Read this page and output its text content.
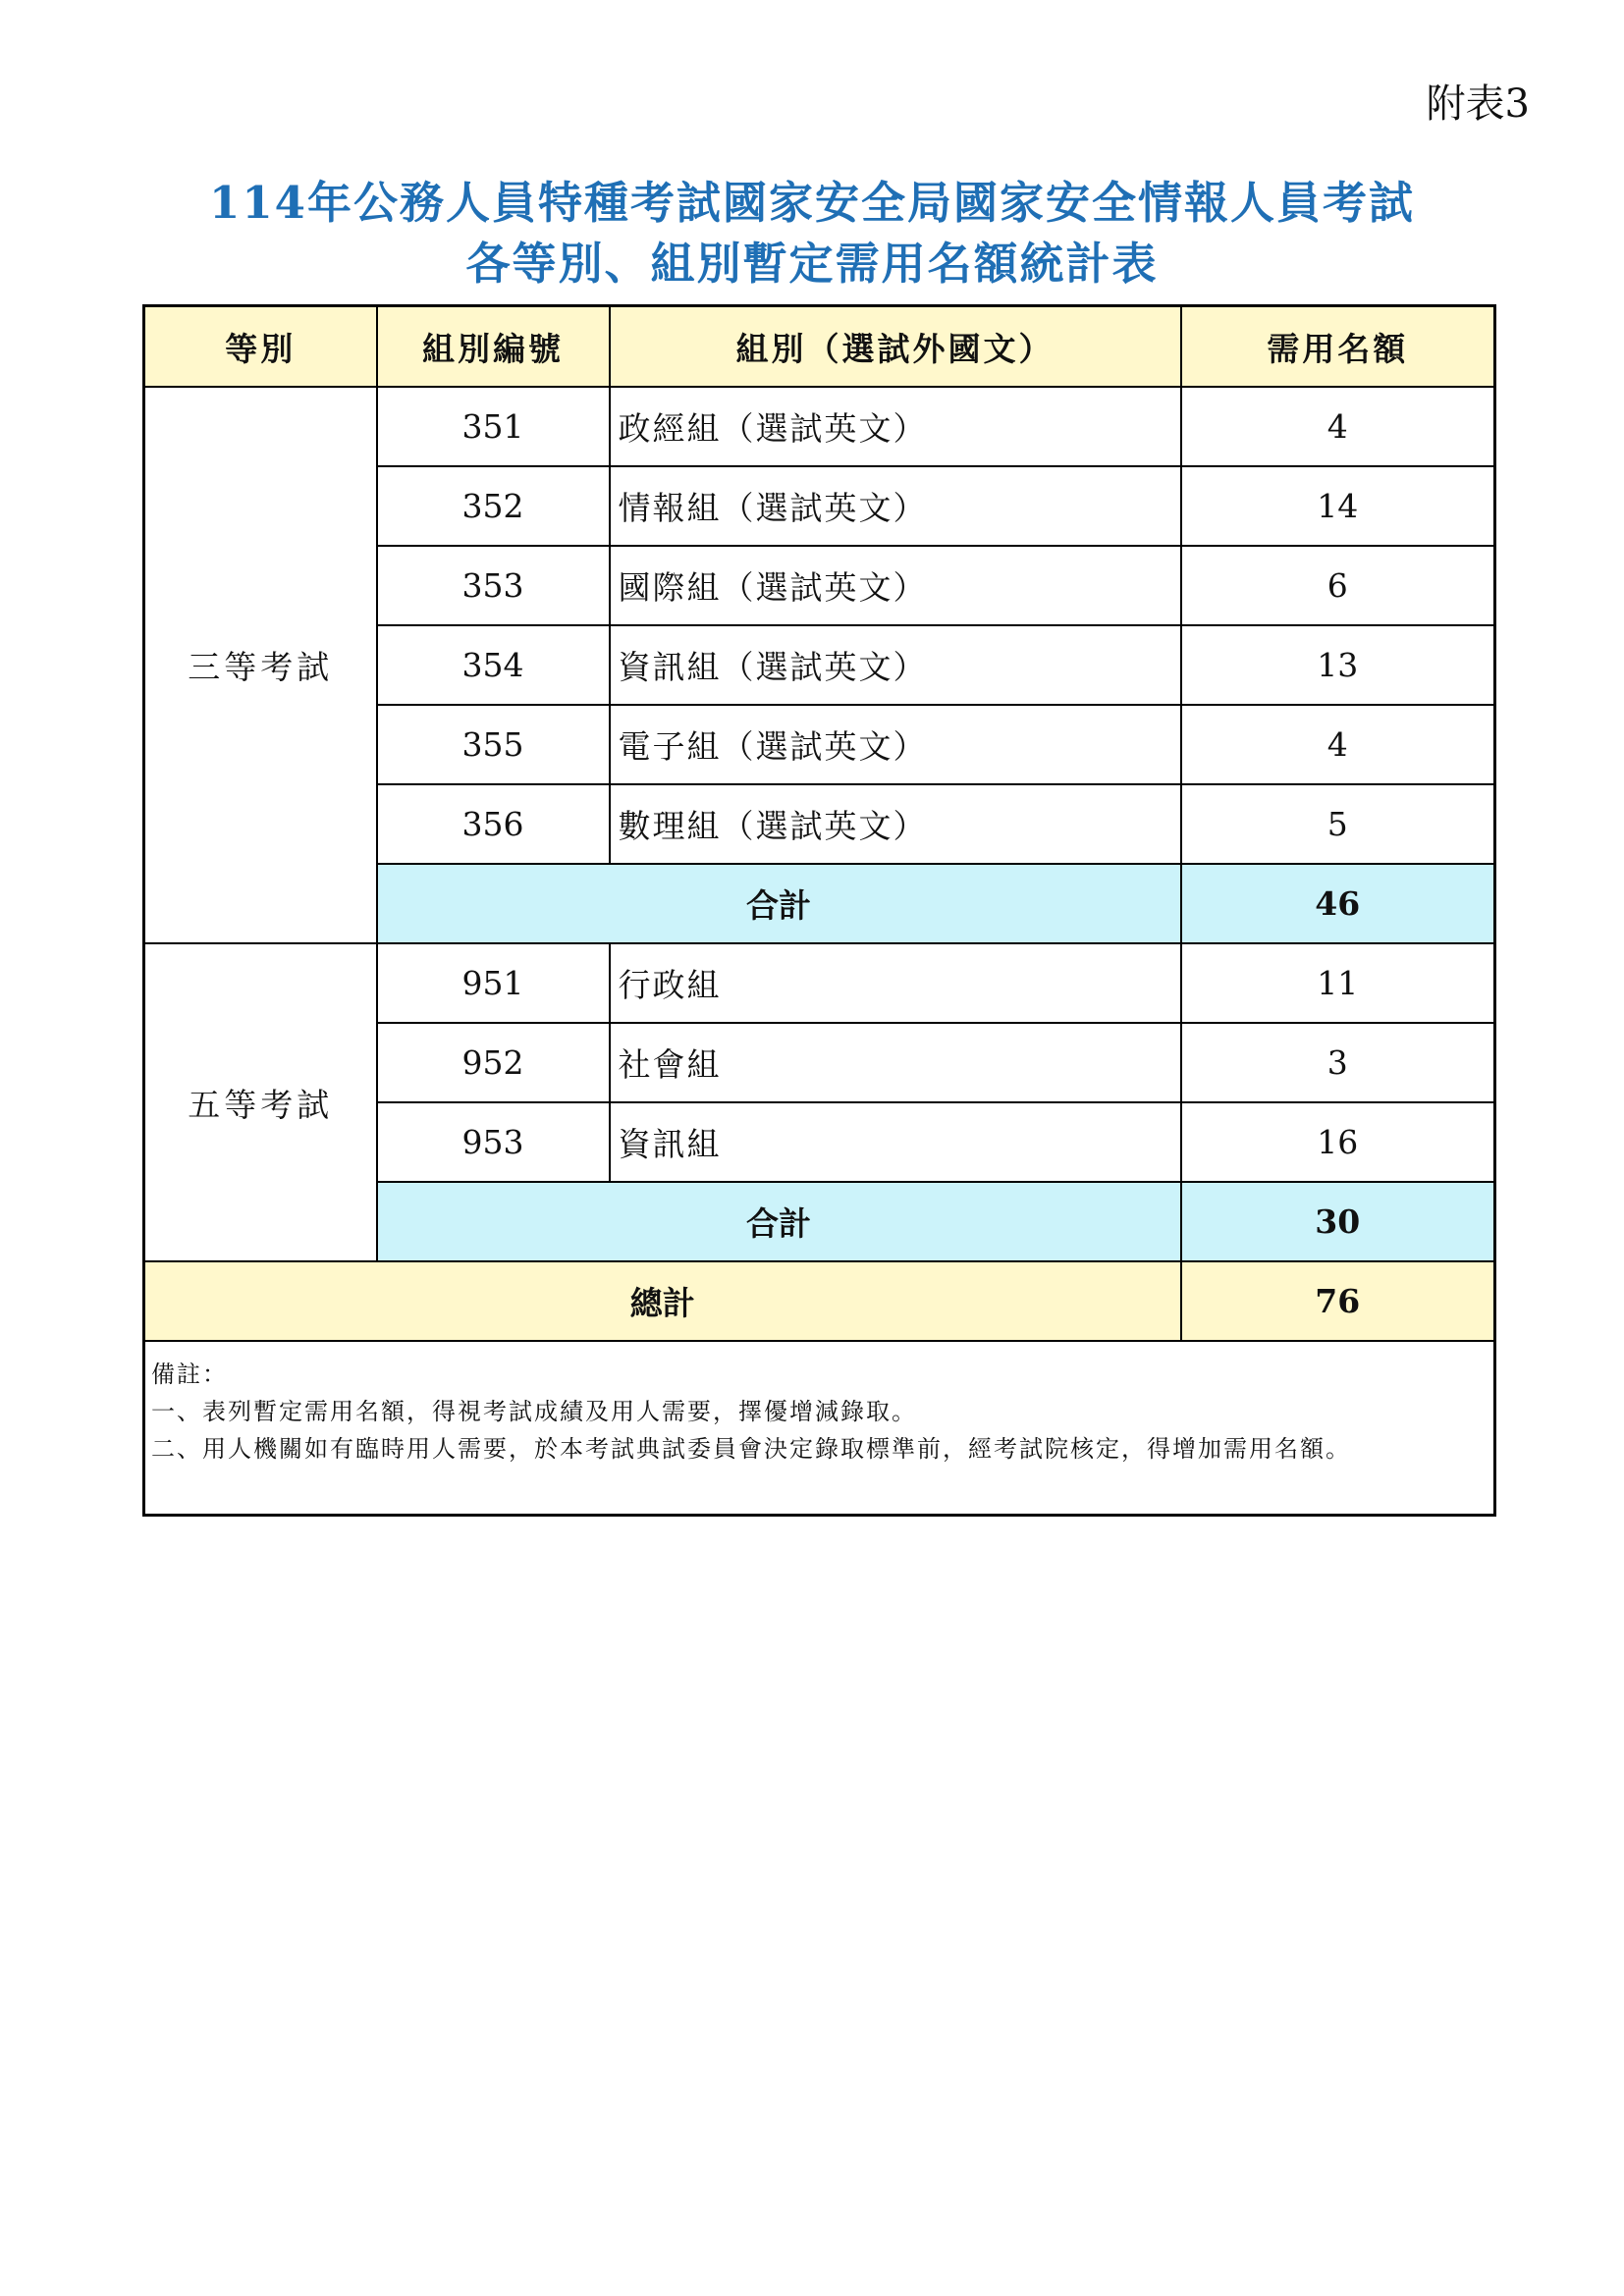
附表3
114年公務人員特種考試國家安全局國家安全情報人員考試
各等別、組別暫定需用名額統計表
等別	組別編號	組別（選試外國文）	需用名額
三等考試	351	政經組（選試英文）	4
	352	情報組（選試英文）	14
	353	國際組（選試英文）	6
	354	資訊組（選試英文）	13
	355	電子組（選試英文）	4
	356	數理組（選試英文）	5
	合計		46
五等考試	951	行政組	11
	952	社會組	3
	953	資訊組	16
	合計		30
總計			76

備註：
一、表列暫定需用名額，得視考試成績及用人需要，擇優增減錄取。
二、用人機關如有臨時用人需要，於本考試典試委員會決定錄取標準前，經考試院核定，得增加需用名額。			
